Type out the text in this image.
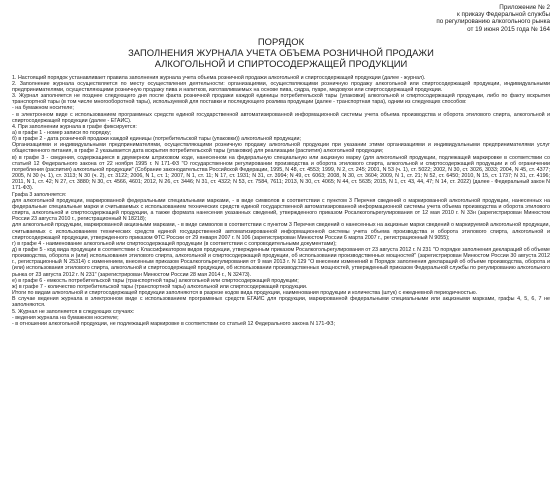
Приложение № 2
к приказу Федеральной службы
по регулированию алкогольного рынка
от 19 июня 2015 года № 164
ПОРЯДОК
ЗАПОЛНЕНИЯ ЖУРНАЛА УЧЕТА ОБЪЕМА РОЗНИЧНОЙ ПРОДАЖИ
АЛКОГОЛЬНОЙ И СПИРТОСОДЕРЖАЩЕЙ ПРОДУКЦИИ

1. Настоящий порядок устанавливает правила заполнения журнала учета объема розничной продажи алкогольной и спиртосодержащей продукции (далее - журнал).

2. Заполнение журнала осуществляется по месту осуществления деятельности: организациями, осуществляющими розничную продажу алкогольной или спиртосодержащей продукции, индивидуальными предпринимателями, осуществляющими розничную продажу пива и напитков, изготавливаемых на основе пива, сидра, пуаре, медовухи или спиртосодержащей продукции.

3. Журнал заполняется не позднее следующего дня после факта розничной продажи каждой единицы потребительской тары (упаковки) алкогольной и спиртосодержащей продукции, либо по факту вскрытия транспортной тары (в том числе многооборотной тары), используемой для поставки и последующего розлива продукции (далее - транспортная тара), одним из следующих способов:

- на бумажном носителе;

- в электронном виде с использованием программных средств единой государственной автоматизированной информационной системы учета объема производства и оборота этилового спирта, алкогольной и спиртосодержащей продукции (далее - ЕГАИС).

4. При заполнении журнала в графе фиксируется:

а) в графе 1 - номер записи по порядку;

б) в графе 2 - дата розничной продажи каждой единицы (потребительской тары (упаковки)) алкогольной продукции;

Организациями и индивидуальными предпринимателями, осуществляющими розничную продажу алкогольной продукции при указании этими организациями и индивидуальными предпринимателями услуг общественного питания, в графе 2 указывается дата вскрытия потребительской тары (упаковки) для реализации (распития) алкогольной продукции;

в) в графе 3 - сведения, содержащиеся в двумерном штриховом коде, нанесенном на федеральную специальную или акцизную марку (для алкогольной продукции, подлежащей маркировке в соответствии со статьей 12 Федерального закона от 22 ноября 1995 г. N 171-ФЗ "О государственном регулировании производства и оборота этилового спирта, алкогольной и спиртосодержащей продукции и об ограничении потребления (распития) алкогольной продукции" (Собрание законодательства Российской Федерации, 1995, N 48, ст. 4553; 1999, N 2, ст. 245; 2001, N 53 (ч. 1), ст. 5022; 2002, N 30, ст. 3026, 3033; 2004, N 45, ст. 4377; 2005, N 30 (ч. 1), ст. 3113; N 30 (ч. 2), ст. 3122; 2006, N 1, ст. 1; 2007, N 1, ст. 11; N 17, ст. 1931; N 31, ст. 3994; N 49, ст. 6063; 2008, N 30, ст. 3604; 2009, N 1, ст. 21; N 52, ст. 6450; 2010, N 15, ст. 1737; N 31, ст. 4196; 2011, N 1, ст. 42; N 27, ст. 3880; N 30, ст. 4566, 4601; 2012, N 26, ст. 3446; N 31, ст. 4322; N 53, ст. 7584, 7611; 2013, N 30, ст. 4065; N 44, ст. 5635; 2015, N 1, ст. 43, 44, 47; N 14, ст. 2022) (далее - Федеральный закон N 171-ФЗ).

Графа 3 заполняется:

для алкогольной продукции, маркированной федеральными специальными марками, - в виде символов в соответствии с пунктом 3 Перечня сведений о маркированной алкогольной продукции, нанесенных на федеральные специальные марки и считываемых с использованием технических средств единой государственной автоматизированной информационной системы учета объема производства и оборота этилового спирта, алкогольной и спиртосодержащей продукции, а также формата нанесения указанных сведений, утвержденного приказом Росалкогольрегулирования от 12 мая 2010 г. N 33н (зарегистрирован Минюстом России 23 августа 2010 г., регистрационный N 18218);

для алкогольной продукции, маркированной акцизными марками, - в виде символов в соответствии с пунктом 3 Перечня сведений о нанесенных на акцизные марки сведений о маркируемой алкогольной продукции, считываемых с использованием технических средств единой государственной автоматизированной информационной системы учета объема производства и оборота этилового спирта, алкогольной и спиртосодержащей продукции, утвержденного приказом ФТС России от 29 января 2007 г. N 106 (зарегистрирован Минюстом России 6 марта 2007 г., регистрационный N 9055);

г) в графе 4 - наименование алкогольной или спиртосодержащей продукции (в соответствии с сопроводительными документами);

д) в графе 5 - код вида продукции в соответствии с Классификатором видов продукции, утвержденным приказом Росалкогольрегулирования от 23 августа 2012 г. N 231 "О порядке заполнения деклараций об объеме производства, оборота и (или) использования этилового спирта, алкогольной и спиртосодержащей продукции, об использовании производственных мощностей" (зарегистрирован Минюстом России 30 августа 2012 г., регистрационный N 25314) с изменением, внесенным приказом Росалкогольрегулирования от 9 мая 2013 г. N 129 "О внесении изменений в Порядок заполнения деклараций об объеме производства, оборота и (или) использования этилового спирта, алкогольной и спиртосодержащей продукции, об использовании производственных мощностей, утвержденный приказом Федеральной службы по регулированию алкогольного рынка от 23 августа 2012 г. N 231" (зарегистрирован Минюстом России 28 мая 2014 г., N 32473).

е) в графе 6 - емкость потребительской тары (транспортной тары) алкогольной или спиртосодержащей продукции;

ж) в графе 7 - количество потребительской тары (транспортной тары) алкогольной или спиртосодержащей продукции.

Итоги по видам алкогольной и спиртосодержащей продукции заполняются в разрезе кодов вида продукции, наименования продукции и количества (штук) с ежедневной периодичностью.

В случае ведения журнала в электронном виде с использованием программных средств ЕГАИС для продукции, маркированной федеральными специальными или акцизными марками, графы 4, 5, 6, 7 не заполняются.

5. Журнал не заполняется в следующих случаях:

- ведения журнала на бумажном носителе;

- в отношении алкогольной продукции, не подлежащей маркировке в соответствии со статьей 12 Федерального закона N 171-ФЗ;
